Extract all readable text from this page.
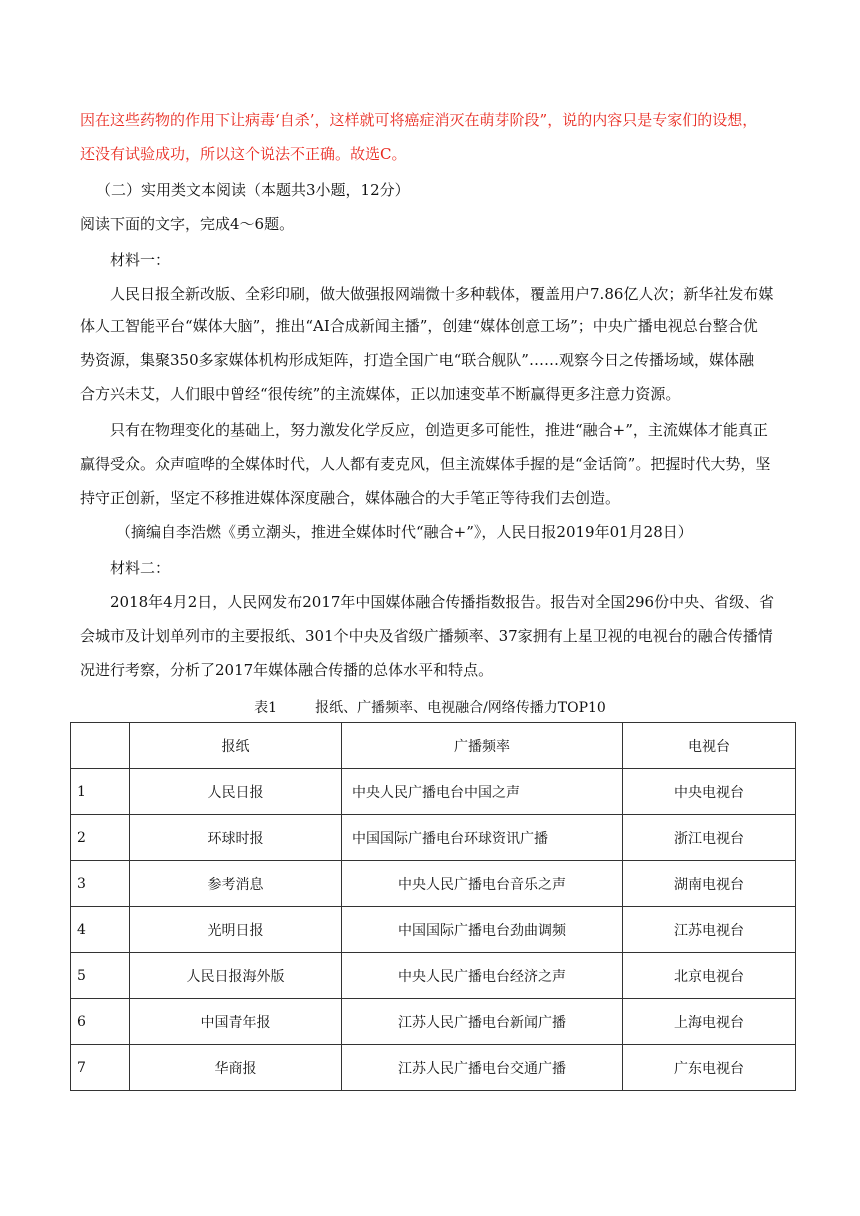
因在这些药物的作用下让病毒‘自杀’，这样就可将癌症消灭在萌芽阶段”，说的内容只是专家们的设想，
还没有试验成功，所以这个说法不正确。故选C。
（二）实用类文本阅读（本题共3小题，12分）
阅读下面的文字，完成4～6题。
材料一：
人民日报全新改版、全彩印刷，做大做强报网端微十多种载体，覆盖用户7.86亿人次；新华社发布媒
体人工智能平台“媒体大脑”，推出“AI合成新闻主播”，创建“媒体创意工场”；中央广播电视总台整合优
势资源，集聚350多家媒体机构形成矩阵，打造全国广电“联合舰队”……观察今日之传播场域，媒体融
合方兴未艾，人们眼中曾经“很传统”的主流媒体，正以加速变革不断赢得更多注意力资源。
只有在物理变化的基础上，努力激发化学反应，创造更多可能性，推进“融合+”，主流媒体才能真正
赢得受众。众声喧哗的全媒体时代，人人都有麦克风，但主流媒体手握的是“金话筒”。把握时代大势，坚
持守正创新，坚定不移推进媒体深度融合，媒体融合的大手笔正等待我们去创造。
（摘编自李浩燃《勇立潮头，推进全媒体时代“融合+”》，人民日报2019年01月28日）
材料二：
2018年4月2日，人民网发布2017年中国媒体融合传播指数报告。报告对全国296份中央、省级、省
会城市及计划单列市的主要报纸、301个中央及省级广播频率、37家拥有上星卫视的电视台的融合传播情
况进行考察，分析了2017年媒体融合传播的总体水平和特点。
表1	报纸、广播频率、电视融合/网络传播力TOP10
	报纸	广播频率	电视台
1	人民日报	中央人民广播电台中国之声	中央电视台
2	环球时报	中国国际广播电台环球资讯广播	浙江电视台
3	参考消息	中央人民广播电台音乐之声	湖南电视台
4	光明日报	中国国际广播电台劲曲调频	江苏电视台
5	人民日报海外版	中央人民广播电台经济之声	北京电视台
6	中国青年报	江苏人民广播电台新闻广播	上海电视台
7	华商报	江苏人民广播电台交通广播	广东电视台
